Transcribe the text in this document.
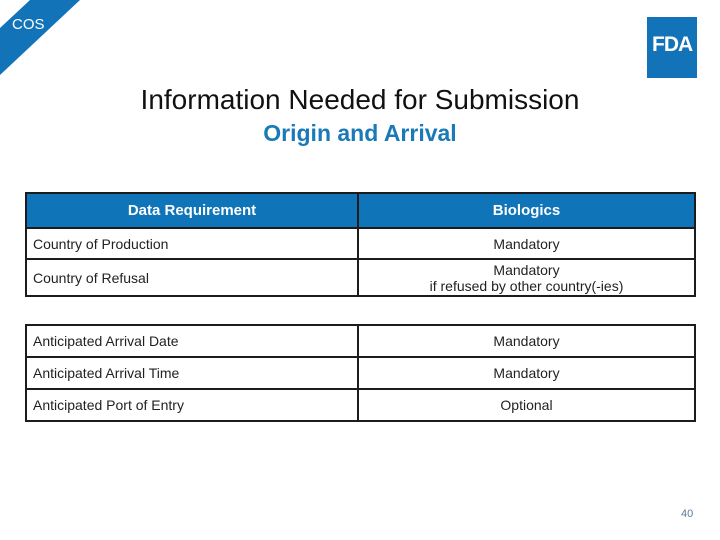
COS
FDA
Information Needed for Submission
Origin and Arrival
Data Requirement	Biologics
Country of Production	Mandatory
Country of Refusal	Mandatory
if refused by other country(-ies)
Anticipated Arrival Date	Mandatory
Anticipated Arrival Time	Mandatory
Anticipated Port of Entry	Optional
40
